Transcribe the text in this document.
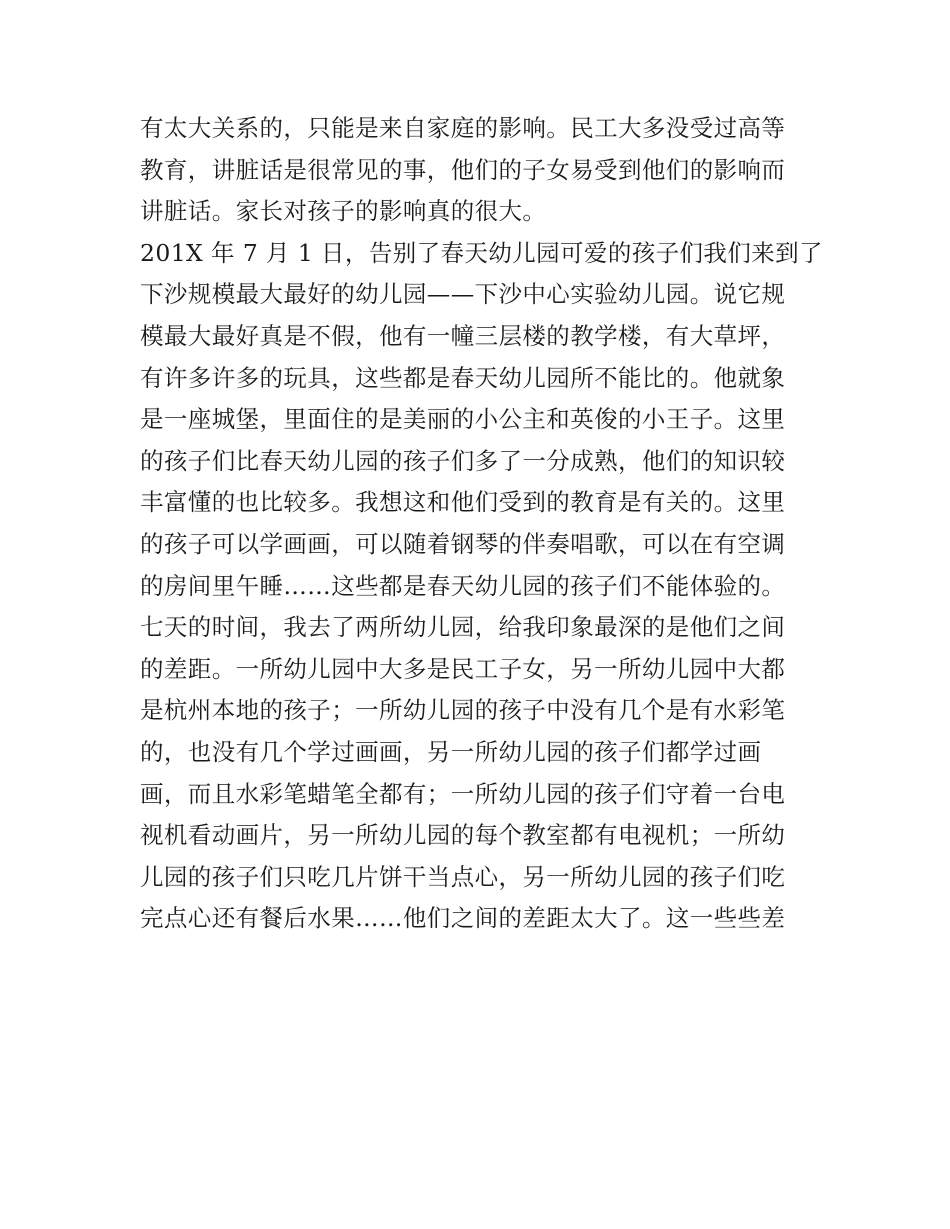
有太大关系的，只能是来自家庭的影响。民工大多没受过高等
教育，讲脏话是很常见的事，他们的子女易受到他们的影响而
讲脏话。家长对孩子的影响真的很大。
201X 年 7 月 1 日，告别了春天幼儿园可爱的孩子们我们来到了
下沙规模最大最好的幼儿园——下沙中心实验幼儿园。说它规
模最大最好真是不假，他有一幢三层楼的教学楼，有大草坪，
有许多许多的玩具，这些都是春天幼儿园所不能比的。他就象
是一座城堡，里面住的是美丽的小公主和英俊的小王子。这里
的孩子们比春天幼儿园的孩子们多了一分成熟，他们的知识较
丰富懂的也比较多。我想这和他们受到的教育是有关的。这里
的孩子可以学画画，可以随着钢琴的伴奏唱歌，可以在有空调
的房间里午睡……这些都是春天幼儿园的孩子们不能体验的。
七天的时间，我去了两所幼儿园，给我印象最深的是他们之间
的差距。一所幼儿园中大多是民工子女，另一所幼儿园中大都
是杭州本地的孩子；一所幼儿园的孩子中没有几个是有水彩笔
的，也没有几个学过画画，另一所幼儿园的孩子们都学过画
画，而且水彩笔蜡笔全都有；一所幼儿园的孩子们守着一台电
视机看动画片，另一所幼儿园的每个教室都有电视机；一所幼
儿园的孩子们只吃几片饼干当点心，另一所幼儿园的孩子们吃
完点心还有餐后水果……他们之间的差距太大了。这一些些差
